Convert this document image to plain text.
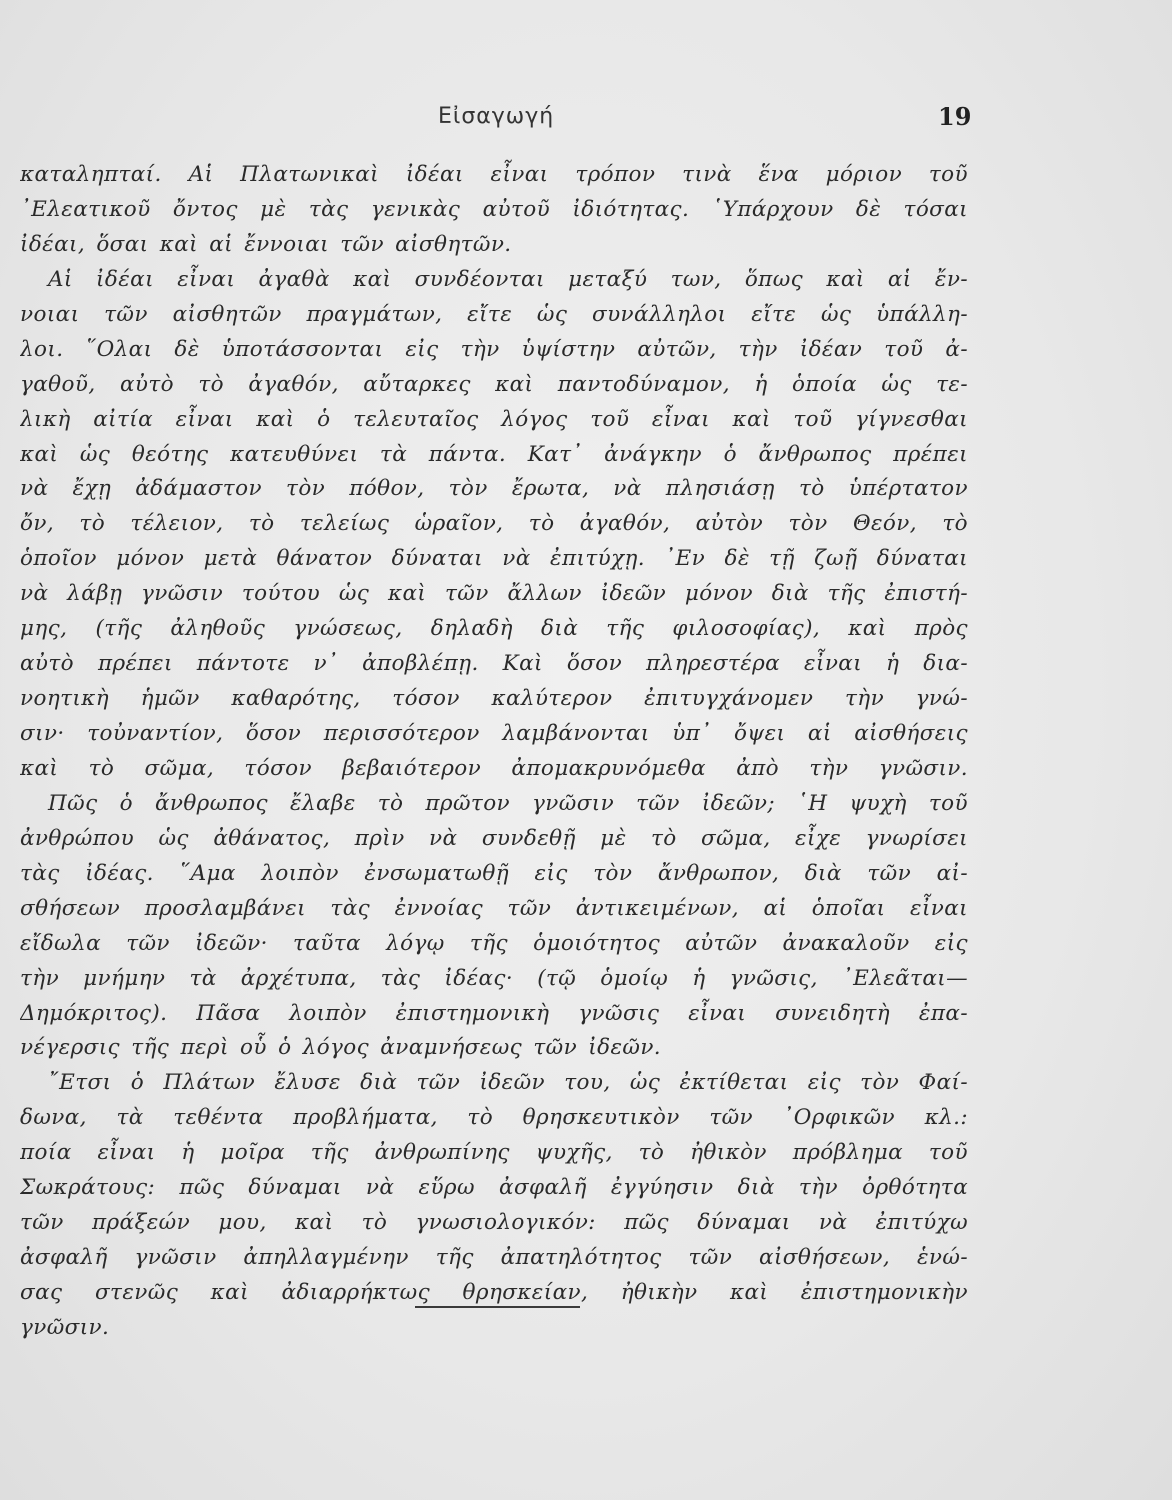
Εἰσαγωγή	19
καταληπταί. Αἱ Πλατωνικαὶ ἰδέαι εἶναι τρόπον τινὰ ἕνα μόριον τοῦ
᾿Ελεατικοῦ ὄντος μὲ τὰς γενικὰς αὐτοῦ ἰδιότητας. ῾Υπάρχουν δὲ τόσαι
ἰδέαι, ὅσαι καὶ αἱ ἔννοιαι τῶν αἰσθητῶν.
Αἱ ἰδέαι εἶναι ἀγαθὰ καὶ συνδέονται μεταξύ των, ὅπως καὶ αἱ ἔν-
νοιαι τῶν αἰσθητῶν πραγμάτων, εἴτε ὡς συνάλληλοι εἴτε ὡς ὑπάλλη-
λοι. ῞Ολαι δὲ ὑποτάσσονται εἰς τὴν ὑψίστην αὐτῶν, τὴν ἰδέαν τοῦ ἀ-
γαθοῦ, αὐτὸ τὸ ἀγαθόν, αὔταρκες καὶ παντοδύναμον, ἡ ὁποία ὡς τε-
λικὴ αἰτία εἶναι καὶ ὁ τελευταῖος λόγος τοῦ εἶναι καὶ τοῦ γίγνεσθαι
καὶ ὡς θεότης κατευθύνει τὰ πάντα. Κατ᾿ ἀνάγκην ὁ ἄνθρωπος πρέπει
νὰ ἔχῃ ἀδάμαστον τὸν πόθον, τὸν ἔρωτα, νὰ πλησιάσῃ τὸ ὑπέρτατον
ὄν, τὸ τέλειον, τὸ τελείως ὡραῖον, τὸ ἀγαθόν, αὐτὸν τὸν Θεόν, τὸ
ὁποῖον μόνον μετὰ θάνατον δύναται νὰ ἐπιτύχῃ. ᾿Εν δὲ τῇ ζωῇ δύναται
νὰ λάβῃ γνῶσιν τούτου ὡς καὶ τῶν ἄλλων ἰδεῶν μόνον διὰ τῆς ἐπιστή-
μης, (τῆς ἀληθοῦς γνώσεως, δηλαδὴ διὰ τῆς φιλοσοφίας), καὶ πρὸς
αὐτὸ πρέπει πάντοτε ν᾿ ἀποβλέπῃ. Καὶ ὅσον πληρεστέρα εἶναι ἡ δια-
νοητικὴ ἡμῶν καθαρότης, τόσον καλύτερον ἐπιτυγχάνομεν τὴν γνώ-
σιν· τοὐναντίον, ὅσον περισσότερον λαμβάνονται ὑπ᾿ ὄψει αἱ αἰσθήσεις
καὶ τὸ σῶμα, τόσον βεβαιότερον ἀπομακρυνόμεθα ἀπὸ τὴν γνῶσιν.
Πῶς ὁ ἄνθρωπος ἔλαβε τὸ πρῶτον γνῶσιν τῶν ἰδεῶν; ῾Η ψυχὴ τοῦ
ἀνθρώπου ὡς ἀθάνατος, πρὶν νὰ συνδεθῇ μὲ τὸ σῶμα, εἶχε γνωρίσει
τὰς ἰδέας. ῞Αμα λοιπὸν ἐνσωματωθῇ εἰς τὸν ἄνθρωπον, διὰ τῶν αἰ-
σθήσεων προσλαμβάνει τὰς ἐννοίας τῶν ἀντικειμένων, αἱ ὁποῖαι εἶναι
εἴδωλα τῶν ἰδεῶν· ταῦτα λόγῳ τῆς ὁμοιότητος αὐτῶν ἀνακαλοῦν εἰς
τὴν μνήμην τὰ ἀρχέτυπα, τὰς ἰδέας· (τῷ ὁμοίῳ ἡ γνῶσις, ᾿Ελεᾶται—
Δημόκριτος). Πᾶσα λοιπὸν ἐπιστημονικὴ γνῶσις εἶναι συνειδητὴ ἐπα-
νέγερσις τῆς περὶ οὗ ὁ λόγος ἀναμνήσεως τῶν ἰδεῶν.
῎Ετσι ὁ Πλάτων ἔλυσε διὰ τῶν ἰδεῶν του, ὡς ἐκτίθεται εἰς τὸν Φαί-
δωνα, τὰ τεθέντα προβλήματα, τὸ θρησκευτικὸν τῶν ᾿Ορφικῶν κλ.:
ποία εἶναι ἡ μοῖρα τῆς ἀνθρωπίνης ψυχῆς, τὸ ἠθικὸν πρόβλημα τοῦ
Σωκράτους: πῶς δύναμαι νὰ εὕρω ἀσφαλῆ ἐγγύησιν διὰ τὴν ὀρθότητα
τῶν πράξεών μου, καὶ τὸ γνωσιολογικόν: πῶς δύναμαι νὰ ἐπιτύχω
ἀσφαλῆ γνῶσιν ἀπηλλαγμένην τῆς ἀπατηλότητος τῶν αἰσθήσεων, ἑνώ-
σας στενῶς καὶ ἀδιαρρήκτως θρησκείαν, ἠθικὴν καὶ ἐπιστημονικὴν
γνῶσιν.
